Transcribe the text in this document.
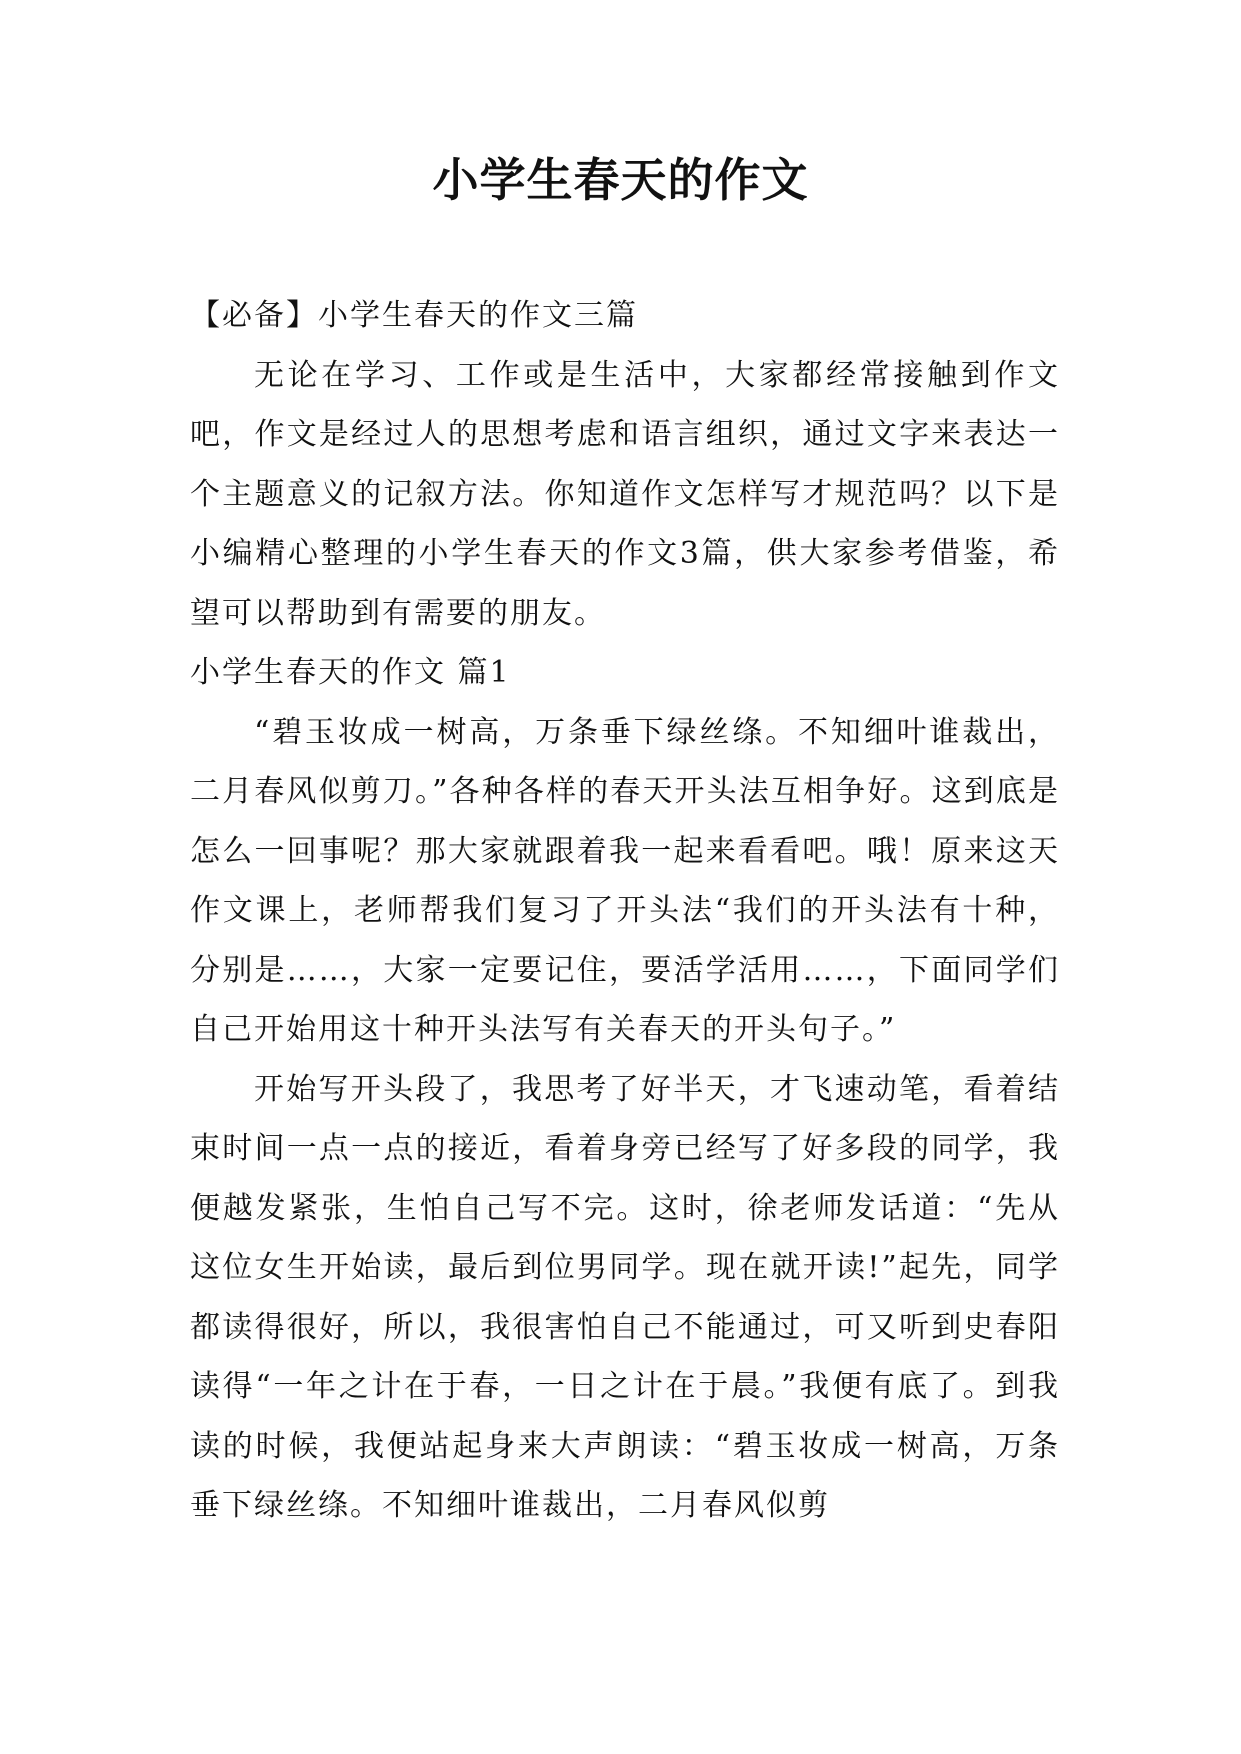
小学生春天的作文
【必备】小学生春天的作文三篇

无论在学习、工作或是生活中，大家都经常接触到作文吧，作文是经过人的思想考虑和语言组织，通过文字来表达一个主题意义的记叙方法。你知道作文怎样写才规范吗？以下是小编精心整理的小学生春天的作文3篇，供大家参考借鉴，希望可以帮助到有需要的朋友。

小学生春天的作文 篇1

“碧玉妆成一树高，万条垂下绿丝绦。不知细叶谁裁出，二月春风似剪刀。”各种各样的春天开头法互相争好。这到底是怎么一回事呢？那大家就跟着我一起来看看吧。哦！原来这天作文课上，老师帮我们复习了开头法“我们的开头法有十种，分别是……，大家一定要记住，要活学活用……，下面同学们自己开始用这十种开头法写有关春天的开头句子。”

开始写开头段了，我思考了好半天，才飞速动笔，看着结束时间一点一点的接近，看着身旁已经写了好多段的同学，我便越发紧张，生怕自己写不完。这时，徐老师发话道：“先从这位女生开始读，最后到位男同学。现在就开读!”起先，同学都读得很好，所以，我很害怕自己不能通过，可又听到史春阳读得“一年之计在于春，一日之计在于晨。”我便有底了。到我读的时候，我便站起身来大声朗读：“碧玉妆成一树高，万条垂下绿丝绦。不知细叶谁裁出，二月春风似剪
